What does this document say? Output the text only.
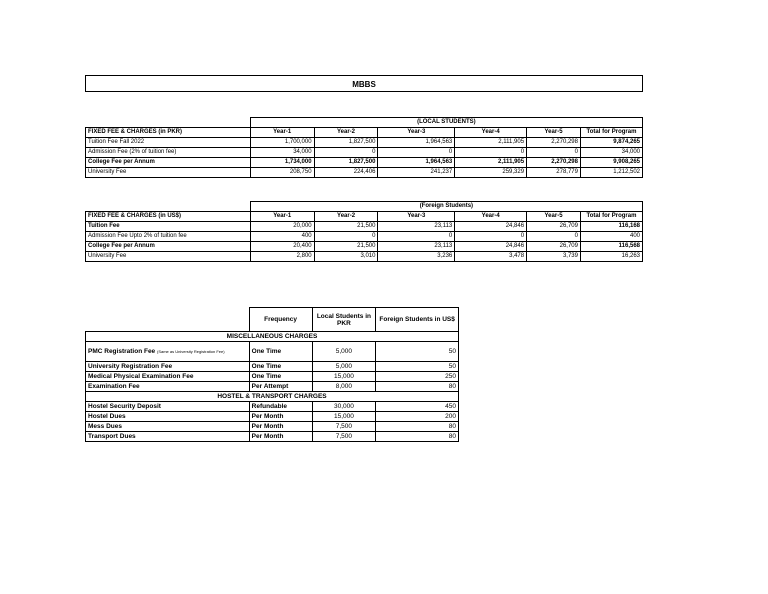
MBBS
	(LOCAL STUDENTS)					
FIXED FEE & CHARGES (in PKR)	Year-1	Year-2	Year-3	Year-4	Year-5	Total for Program
Tuition Fee Fall 2022	1,700,000	1,827,500	1,964,563	2,111,905	2,270,298	9,874,265
Admission Fee (2% of tuition fee)	34,000	0	0	0	0	34,000
College Fee per Annum	1,734,000	1,827,500	1,964,563	2,111,905	2,270,298	9,908,265
University Fee	208,750	224,406	241,237	259,329	278,779	1,212,502
	(Foreign Students)					
FIXED FEE & CHARGES (in US$)	Year-1	Year-2	Year-3	Year-4	Year-5	Total for Program
Tuition Fee	20,000	21,500	23,113	24,846	26,709	116,168
Admission Fee Upto 2% of tuition fee	400	0	0	0	0	400
College Fee per Annum	20,400	21,500	23,113	24,846	26,709	116,568
University Fee	2,800	3,010	3,236	3,478	3,739	16,263
	Frequency	Local Students in PKR	Foreign Students in US$
MISCELLANEOUS CHARGES			
PMC Registration Fee (Same as University Registration Fee)	One Time	5,000	50
University Registration Fee	One Time	5,000	50
Medical Physical Examination Fee	One Time	15,000	250
Examination Fee	Per Attempt	8,000	80
HOSTEL & TRANSPORT CHARGES			
Hostel Security Deposit	Refundable	30,000	450
Hostel Dues	Per Month	15,000	200
Mess Dues	Per Month	7,500	80
Transport Dues	Per Month	7,500	80
